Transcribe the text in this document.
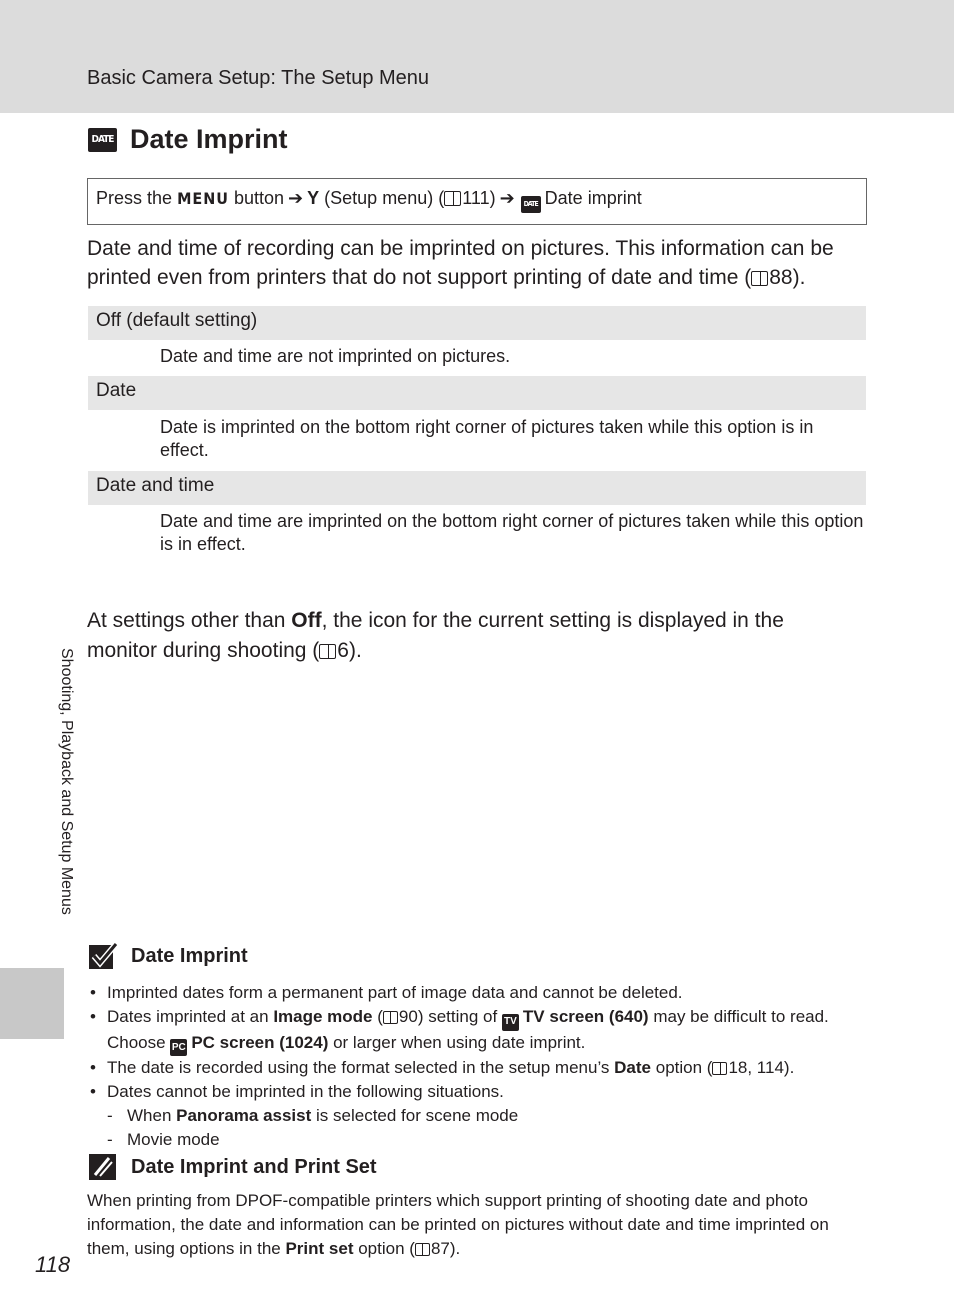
Basic Camera Setup: The Setup Menu
DATE Date Imprint
Press the MENU button ➔ Y (Setup menu) ( 111) ➔ DATE Date imprint
Date and time of recording can be imprinted on pictures. This information can be printed even from printers that do not support printing of date and time ( 88).
Off (default setting)
Date and time are not imprinted on pictures.
Date
Date is imprinted on the bottom right corner of pictures taken while this option is in effect.
Date and time
Date and time are imprinted on the bottom right corner of pictures taken while this option is in effect.
At settings other than Off, the icon for the current setting is displayed in the monitor during shooting ( 6).
Shooting, Playback and Setup Menus
Date Imprint
• Imprinted dates form a permanent part of image data and cannot be deleted.
• Dates imprinted at an Image mode ( 90) setting of TV TV screen (640) may be difficult to read. Choose PC PC screen (1024) or larger when using date imprint.
• The date is recorded using the format selected in the setup menu’s Date option ( 18, 114).
• Dates cannot be imprinted in the following situations.
- When Panorama assist is selected for scene mode
- Movie mode
Date Imprint and Print Set
When printing from DPOF-compatible printers which support printing of shooting date and photo information, the date and information can be printed on pictures without date and time imprinted on them, using options in the Print set option ( 87).
118
